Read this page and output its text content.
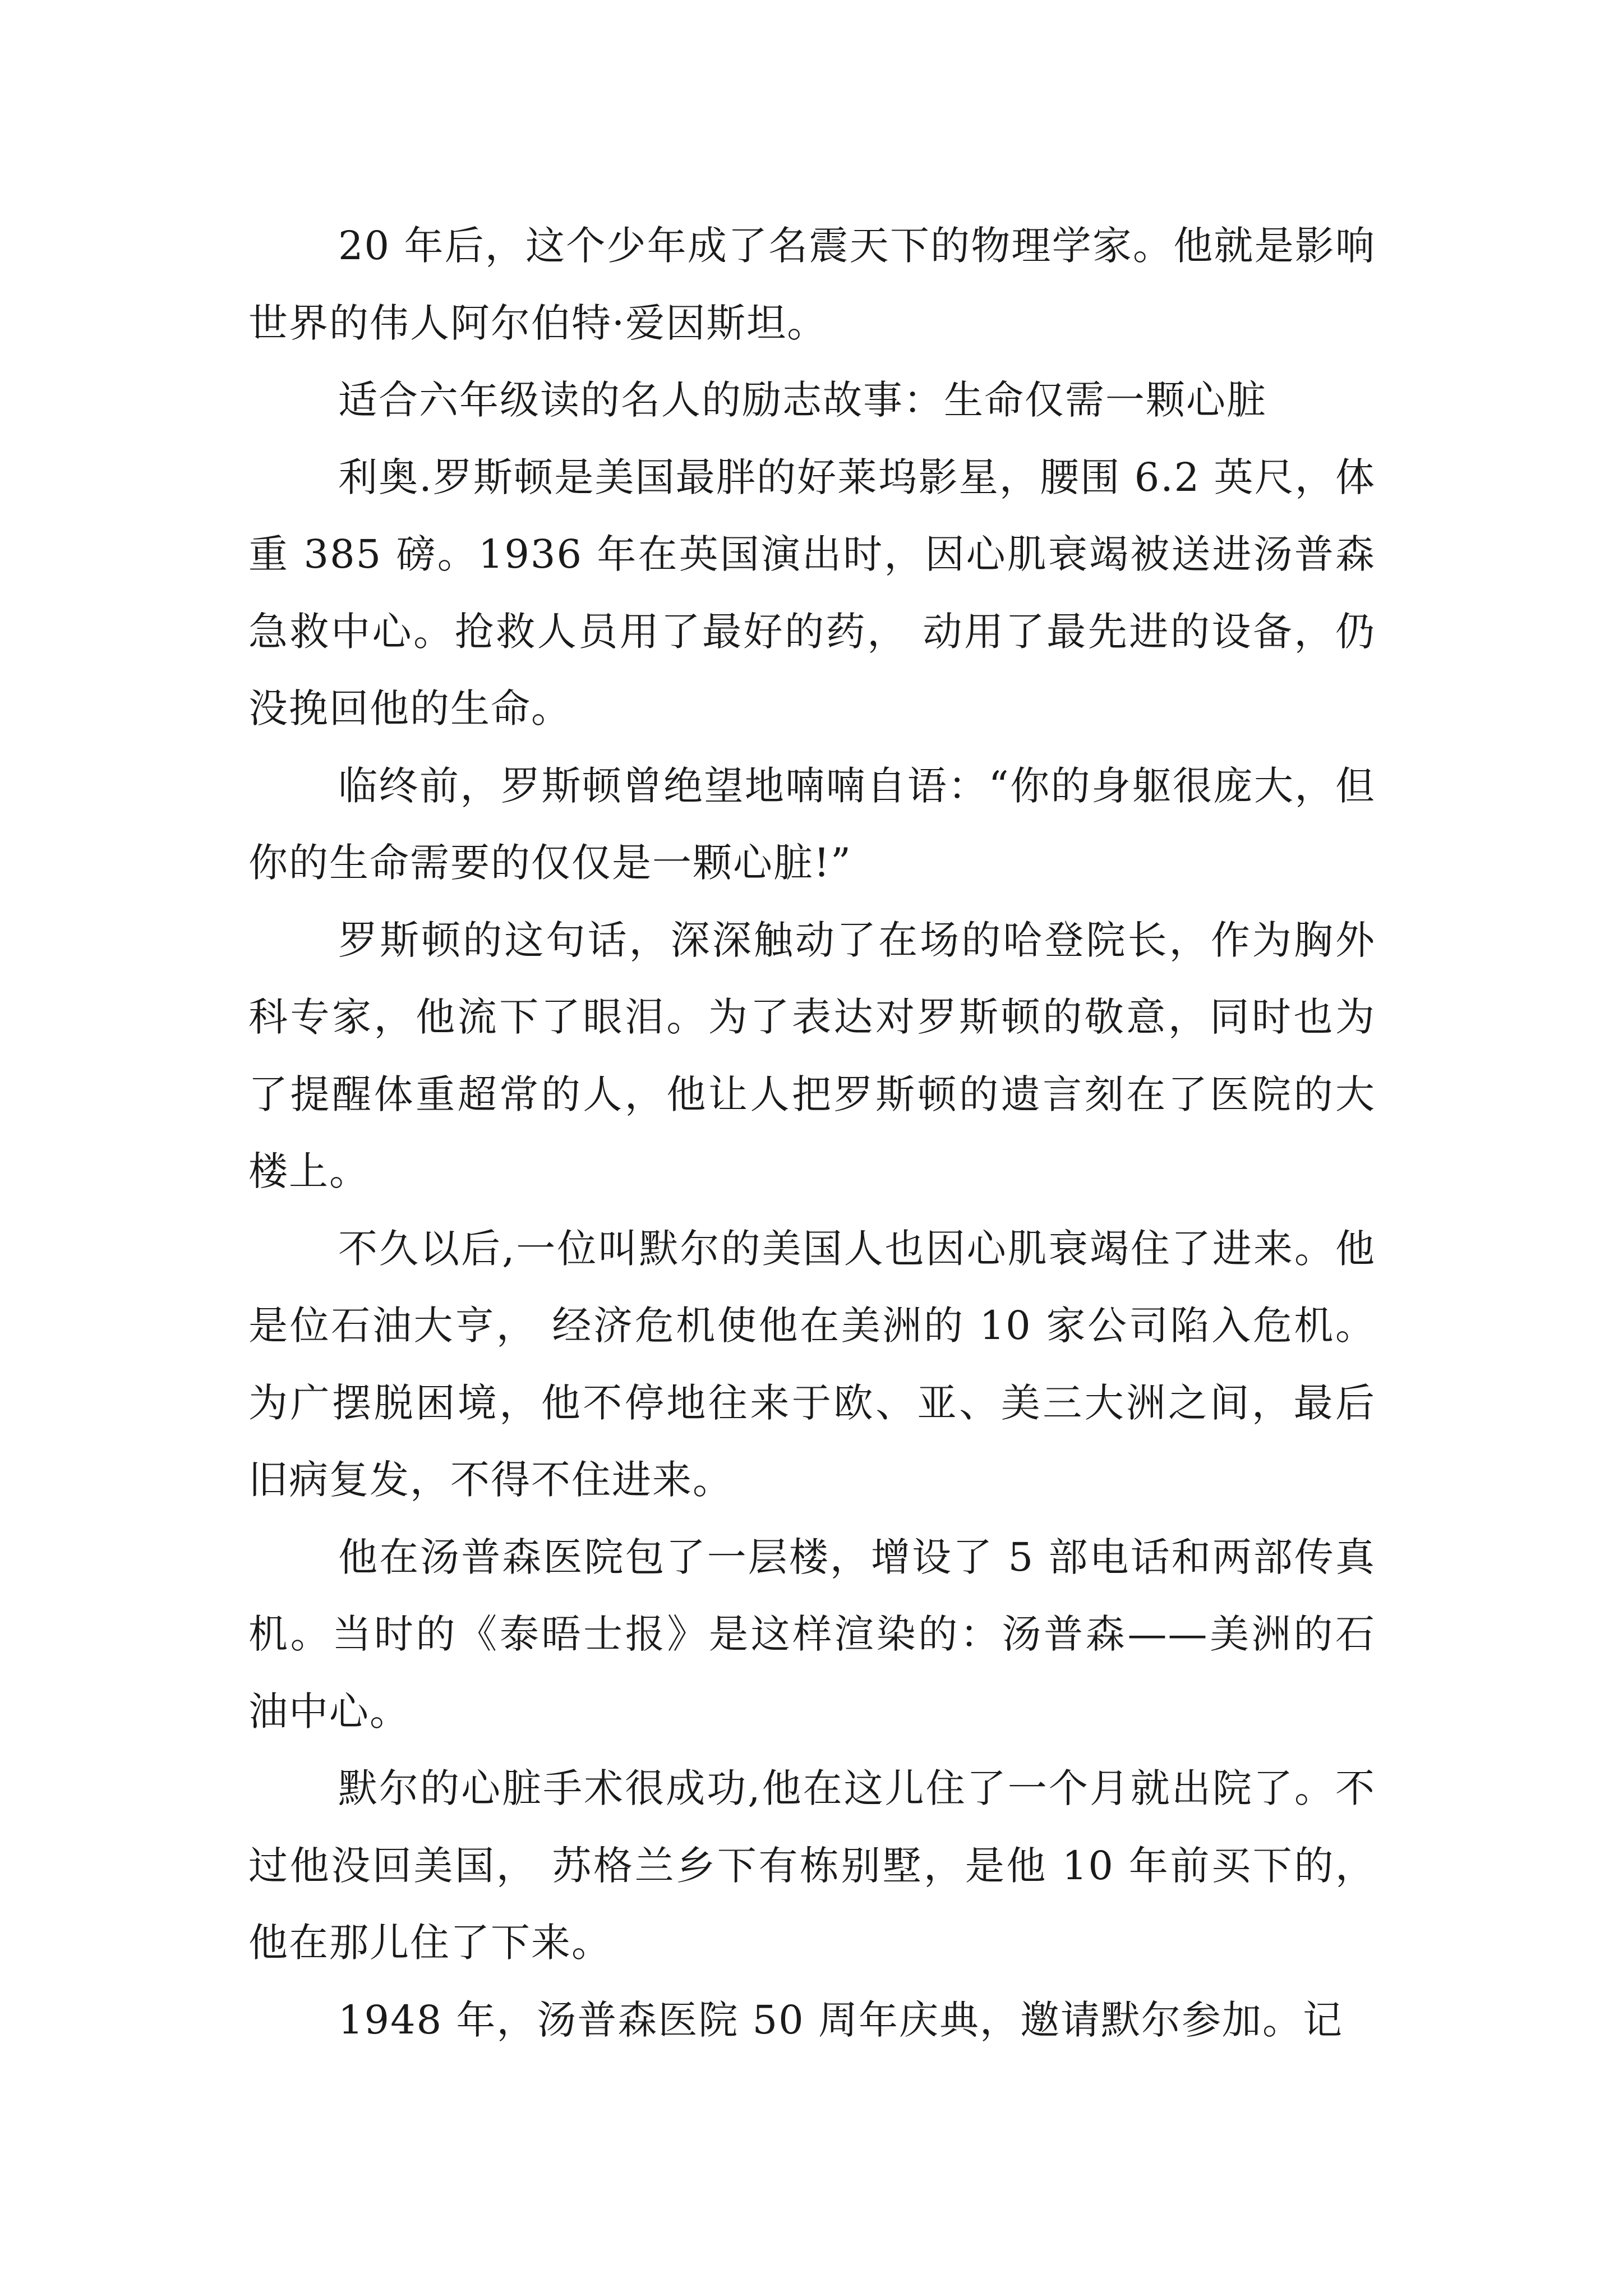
20 年后，这个少年成了名震天下的物理学家。他就是影响世界的伟人阿尔伯特·爱因斯坦。

适合六年级读的名人的励志故事：生命仅需一颗心脏

利奥.罗斯顿是美国最胖的好莱坞影星，腰围 6.2 英尺，体重 385 磅。1936 年在英国演出时，因心肌衰竭被送进汤普森急救中心。抢救人员用了最好的药， 动用了最先进的设备，仍没挽回他的生命。

临终前，罗斯顿曾绝望地喃喃自语：“你的身躯很庞大，但你的生命需要的仅仅是一颗心脏!”

罗斯顿的这句话，深深触动了在场的哈登院长，作为胸外科专家，他流下了眼泪。为了表达对罗斯顿的敬意，同时也为了提醒体重超常的人，他让人把罗斯顿的遗言刻在了医院的大楼上。

不久以后,一位叫默尔的美国人也因心肌衰竭住了进来。他是位石油大亨， 经济危机使他在美洲的 10 家公司陷入危机。为广摆脱困境，他不停地往来于欧、亚、美三大洲之间，最后旧病复发，不得不住进来。

他在汤普森医院包了一层楼，增设了 5 部电话和两部传真机。当时的《泰晤士报》是这样渲染的：汤普森——美洲的石油中心。

默尔的心脏手术很成功,他在这儿住了一个月就出院了。不过他没回美国， 苏格兰乡下有栋别墅，是他 10 年前买下的，他在那儿住了下来。

1948 年，汤普森医院 50 周年庆典，邀请默尔参加。记
